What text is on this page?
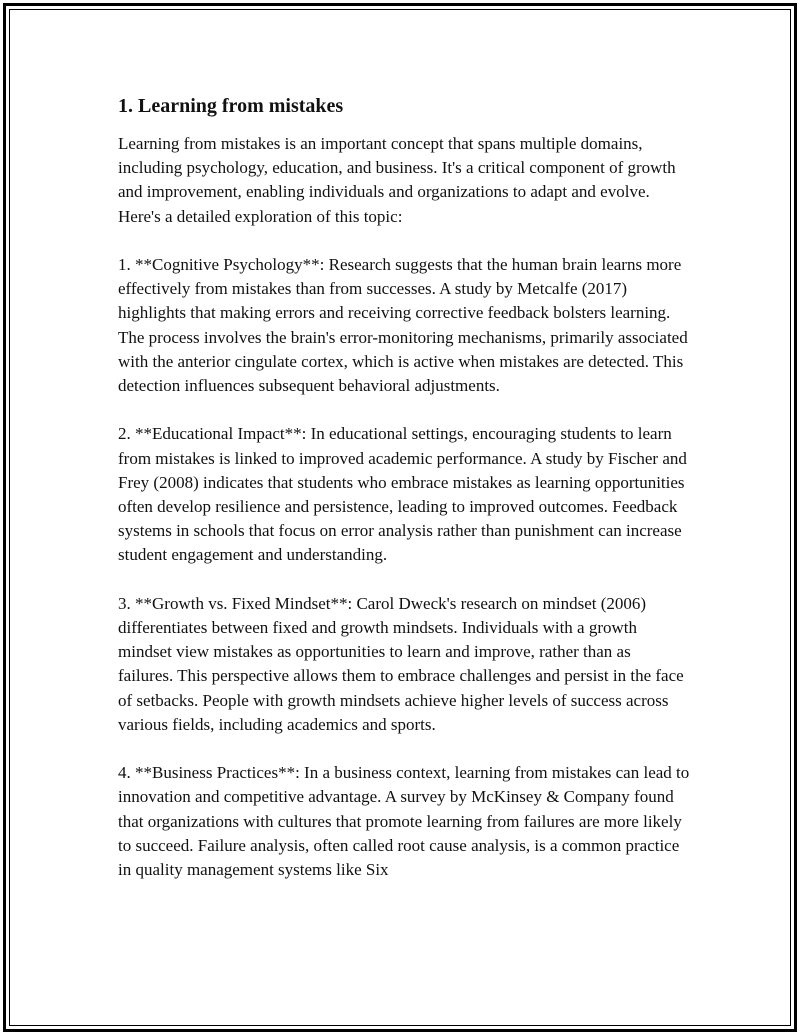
1. Learning from mistakes

Learning from mistakes is an important concept that spans multiple domains, including psychology, education, and business. It's a critical component of growth and improvement, enabling individuals and organizations to adapt and evolve. Here's a detailed exploration of this topic:

1. **Cognitive Psychology**: Research suggests that the human brain learns more effectively from mistakes than from successes. A study by Metcalfe (2017) highlights that making errors and receiving corrective feedback bolsters learning. The process involves the brain's error-monitoring mechanisms, primarily associated with the anterior cingulate cortex, which is active when mistakes are detected. This detection influences subsequent behavioral adjustments.

2. **Educational Impact**: In educational settings, encouraging students to learn from mistakes is linked to improved academic performance. A study by Fischer and Frey (2008) indicates that students who embrace mistakes as learning opportunities often develop resilience and persistence, leading to improved outcomes. Feedback systems in schools that focus on error analysis rather than punishment can increase student engagement and understanding.

3. **Growth vs. Fixed Mindset**: Carol Dweck's research on mindset (2006) differentiates between fixed and growth mindsets. Individuals with a growth mindset view mistakes as opportunities to learn and improve, rather than as failures. This perspective allows them to embrace challenges and persist in the face of setbacks. People with growth mindsets achieve higher levels of success across various fields, including academics and sports.

4. **Business Practices**: In a business context, learning from mistakes can lead to innovation and competitive advantage. A survey by McKinsey & Company found that organizations with cultures that promote learning from failures are more likely to succeed. Failure analysis, often called root cause analysis, is a common practice in quality management systems like Six
